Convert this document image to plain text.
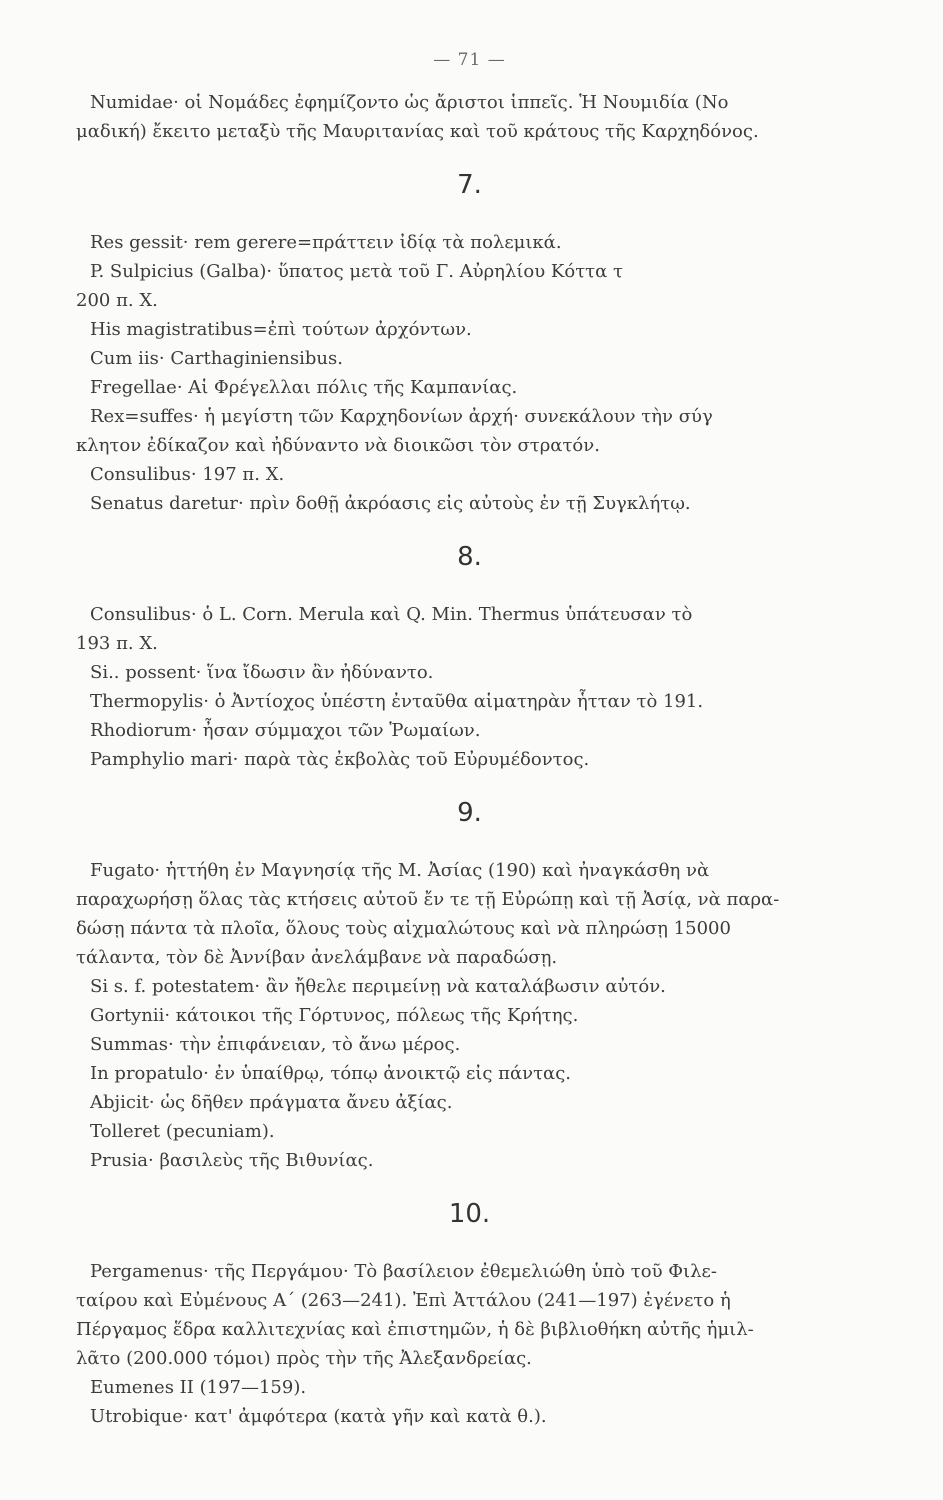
— 71 —
Numidae· οἱ Νομάδες ἐφημίζοντο ὡς ἄριστοι ἱππεῖς. Ἡ Νουμιδία (Νο
μαδική) ἔκειτο μεταξὺ τῆς Μαυριτανίας καὶ τοῦ κράτους τῆς Καρχηδόνος.
7.
Res gessit· rem gerere=πράττειν ἰδίᾳ τὰ πολεμικά.
P. Sulpicius (Galba)· ὕπατος μετὰ τοῦ Γ. Αὐρηλίου Κόττα τ
200 π. Χ.
His magistratibus=ἐπὶ τούτων ἀρχόντων.
Cum iis· Carthaginiensibus.
Fregellae· Αἱ Φρέγελλαι πόλις τῆς Καμπανίας.
Rex=suffes· ἡ μεγίστη τῶν Καρχηδονίων ἀρχή· συνεκάλουν τὴν σύγ
κλητον ἐδίκαζον καὶ ἠδύναντο νὰ διοικῶσι τὸν στρατόν.
Consulibus· 197 π. Χ.
Senatus daretur· πρὶν δοθῇ ἀκρόασις εἰς αὐτοὺς ἐν τῇ Συγκλήτῳ.
8.
Consulibus· ὁ L. Corn. Merula καὶ Q. Min. Thermus ὑπάτευσαν τὸ
193 π. Χ.
Si.. possent· ἵνα ἴδωσιν ἂν ἠδύναντο.
Thermopylis· ὁ Ἀντίοχος ὑπέστη ἐνταῦθα αἱματηρὰν ἧτταν τὸ 191.
Rhodiorum· ἦσαν σύμμαχοι τῶν Ῥωμαίων.
Pamphylio mari· παρὰ τὰς ἐκβολὰς τοῦ Εὐρυμέδοντος.
9.
Fugato· ἡττήθη ἐν Μαγνησίᾳ τῆς Μ. Ἀσίας (190) καὶ ἠναγκάσθη νὰ
παραχωρήσῃ ὅλας τὰς κτήσεις αὐτοῦ ἔν τε τῇ Εὐρώπῃ καὶ τῇ Ἀσίᾳ, νὰ παρα-
δώσῃ πάντα τὰ πλοῖα, ὅλους τοὺς αἰχμαλώτους καὶ νὰ πληρώσῃ 15000
τάλαντα, τὸν δὲ Ἀννίβαν ἀνελάμβανε νὰ παραδώσῃ.
Si s. f. potestatem· ἂν ἤθελε περιμείνῃ νὰ καταλάβωσιν αὐτόν.
Gortynii· κάτοικοι τῆς Γόρτυνος, πόλεως τῆς Κρήτης.
Summas· τὴν ἐπιφάνειαν, τὸ ἄνω μέρος.
In propatulo· ἐν ὑπαίθρῳ, τόπῳ ἀνοικτῷ εἰς πάντας.
Abjicit· ὡς δῆθεν πράγματα ἄνευ ἀξίας.
Tolleret (pecuniam).
Prusia· βασιλεὺς τῆς Βιθυνίας.
10.
Pergamenus· τῆς Περγάμου· Τὸ βασίλειον ἐθεμελιώθη ὑπὸ τοῦ Φιλε-
ταίρου καὶ Εὐμένους Α΄ (263—241). Ἐπὶ Ἀττάλου (241—197) ἐγένετο ἡ
Πέργαμος ἕδρα καλλιτεχνίας καὶ ἐπιστημῶν, ἡ δὲ βιβλιοθήκη αὐτῆς ἡμιλ-
λᾶτο (200.000 τόμοι) πρὸς τὴν τῆς Ἀλεξανδρείας.
Eumenes II (197—159).
Utrobique· κατ' ἀμφότερα (κατὰ γῆν καὶ κατὰ θ.).
